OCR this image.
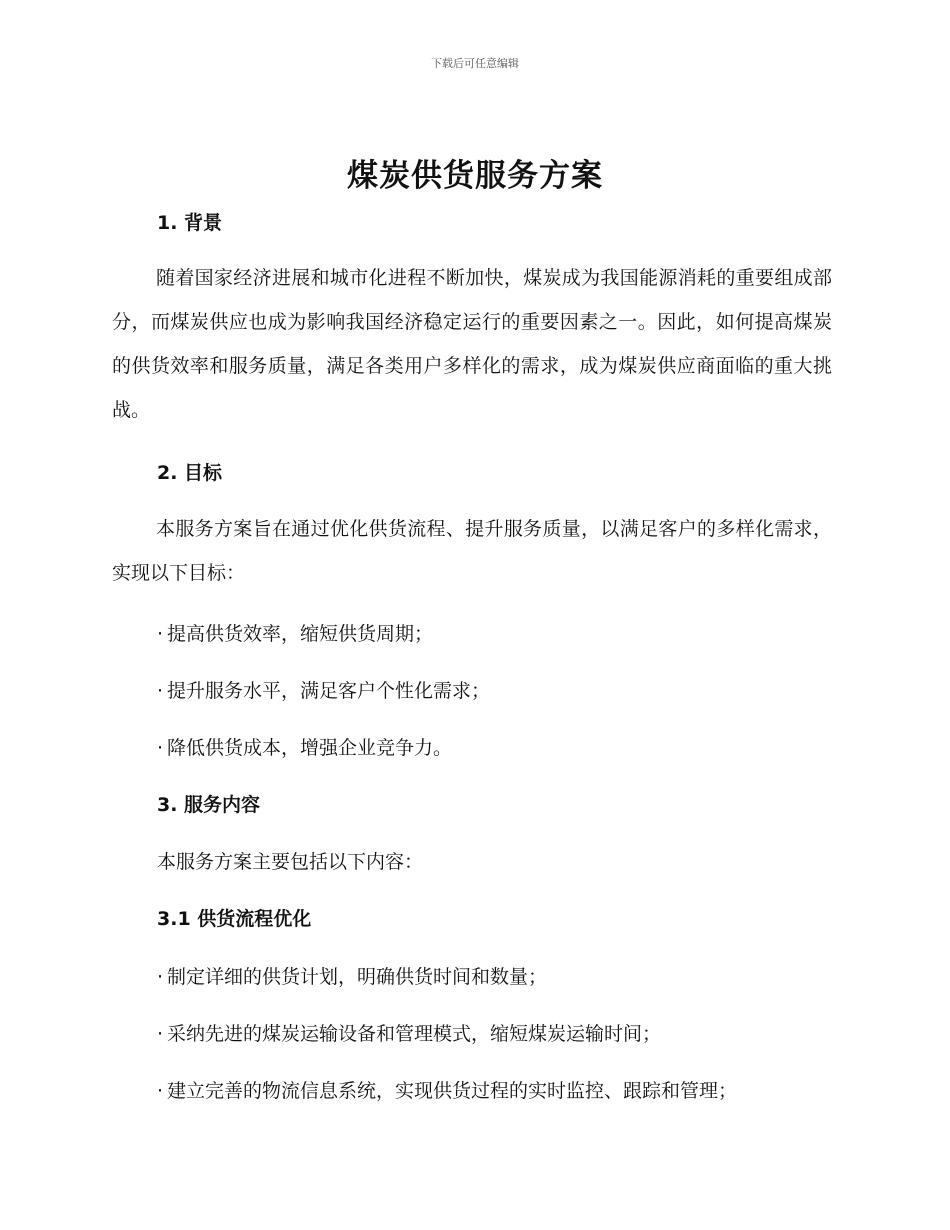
下载后可任意编辑
煤炭供货服务方案
1. 背景
随着国家经济进展和城市化进程不断加快，煤炭成为我国能源消耗的重要组成部分，而煤炭供应也成为影响我国经济稳定运行的重要因素之一。因此，如何提高煤炭的供货效率和服务质量，满足各类用户多样化的需求，成为煤炭供应商面临的重大挑战。
2. 目标
本服务方案旨在通过优化供货流程、提升服务质量，以满足客户的多样化需求，实现以下目标：
· 提高供货效率，缩短供货周期；
· 提升服务水平，满足客户个性化需求；
· 降低供货成本，增强企业竞争力。
3. 服务内容
本服务方案主要包括以下内容：
3.1 供货流程优化
· 制定详细的供货计划，明确供货时间和数量；
· 采纳先进的煤炭运输设备和管理模式，缩短煤炭运输时间；
· 建立完善的物流信息系统，实现供货过程的实时监控、跟踪和管理；
